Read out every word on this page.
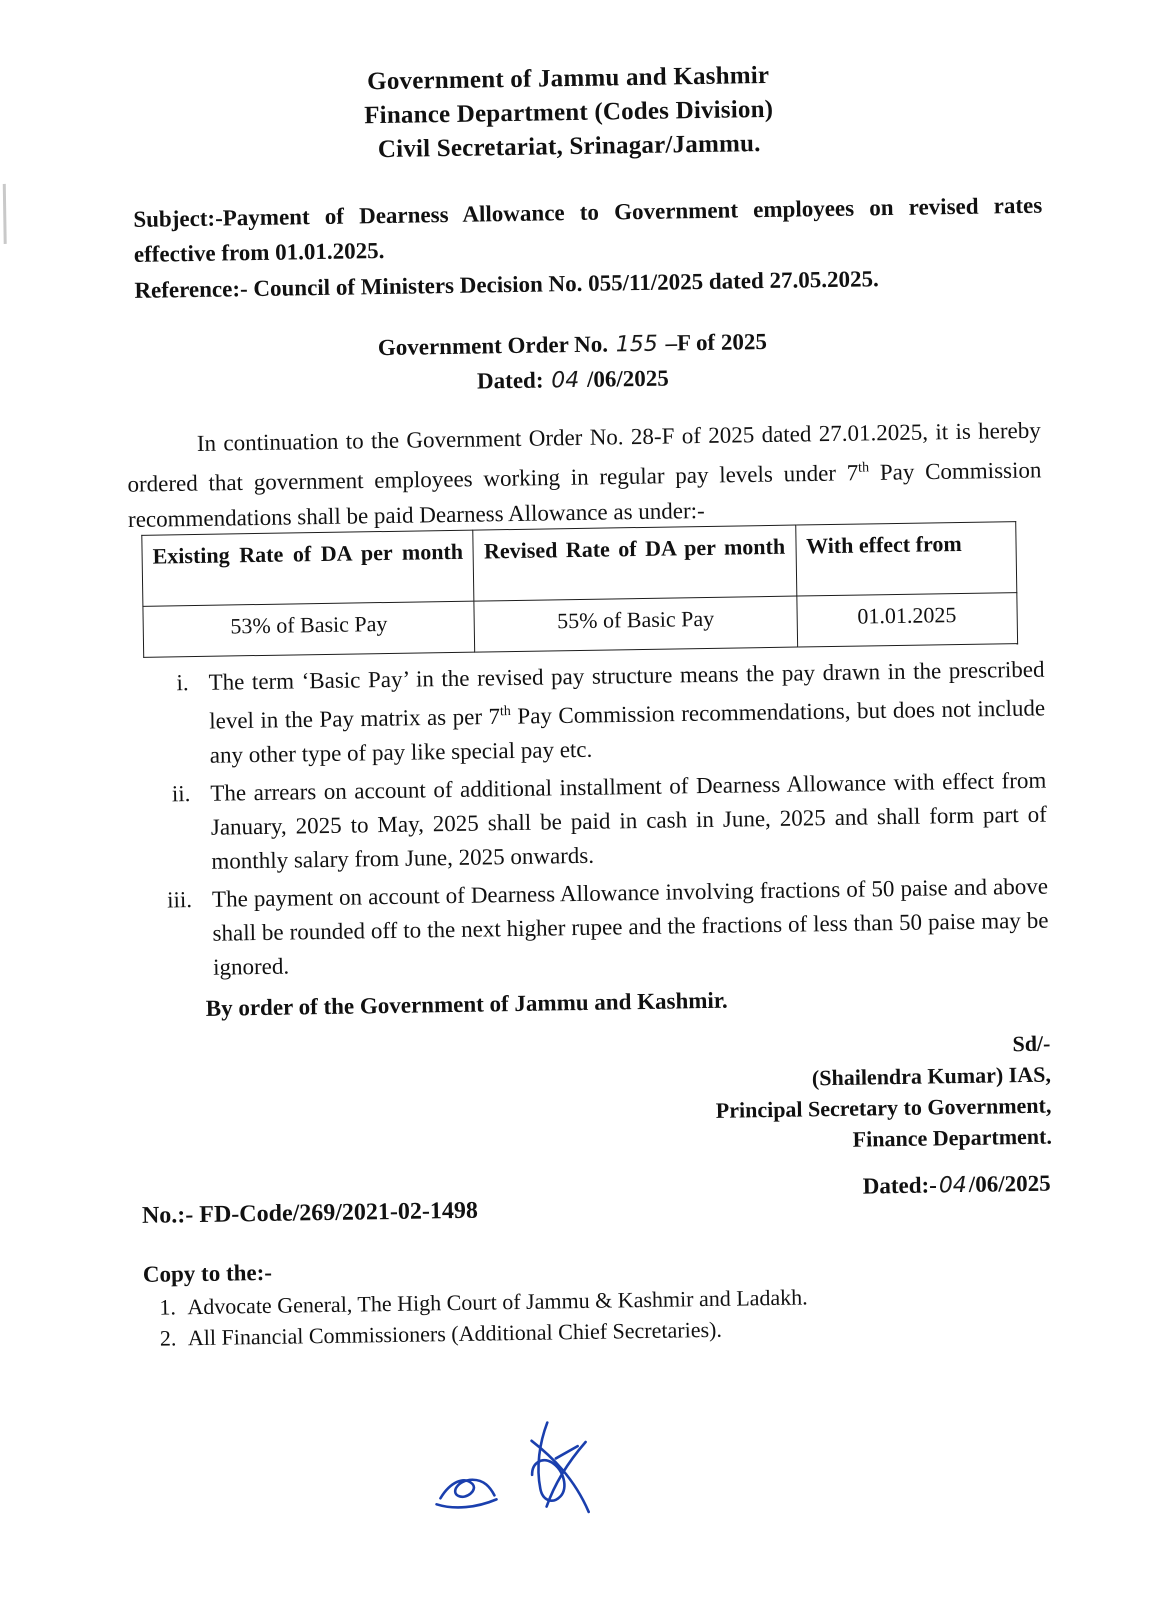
Government of Jammu and Kashmir
Finance Department (Codes Division)
Civil Secretariat, Srinagar/Jammu.
Subject:-Payment of Dearness Allowance to Government employees on revised rates effective from 01.01.2025.
Reference:- Council of Ministers Decision No. 055/11/2025 dated 27.05.2025.
Government Order No. 155 –F of 2025
Dated: 04 /06/2025
In continuation to the Government Order No. 28-F of 2025 dated 27.01.2025, it is hereby ordered that government employees working in regular pay levels under 7th Pay Commission recommendations shall be paid Dearness Allowance as under:-
Existing Rate of DA per month	Revised Rate of DA per month	With effect from
53% of Basic Pay	55% of Basic Pay	01.01.2025
i. The term ‘Basic Pay’ in the revised pay structure means the pay drawn in the prescribed level in the Pay matrix as per 7th Pay Commission recommendations, but does not include any other type of pay like special pay etc.
ii. The arrears on account of additional installment of Dearness Allowance with effect from January, 2025 to May, 2025 shall be paid in cash in June, 2025 and shall form part of monthly salary from June, 2025 onwards.
iii. The payment on account of Dearness Allowance involving fractions of 50 paise and above shall be rounded off to the next higher rupee and the fractions of less than 50 paise may be ignored.
By order of the Government of Jammu and Kashmir.
Sd/-
(Shailendra Kumar) IAS,
Principal Secretary to Government,
Finance Department.
Dated:-04/06/2025
No.:- FD-Code/269/2021-02-1498
Copy to the:-
1. Advocate General, The High Court of Jammu & Kashmir and Ladakh.
2. All Financial Commissioners (Additional Chief Secretaries).
